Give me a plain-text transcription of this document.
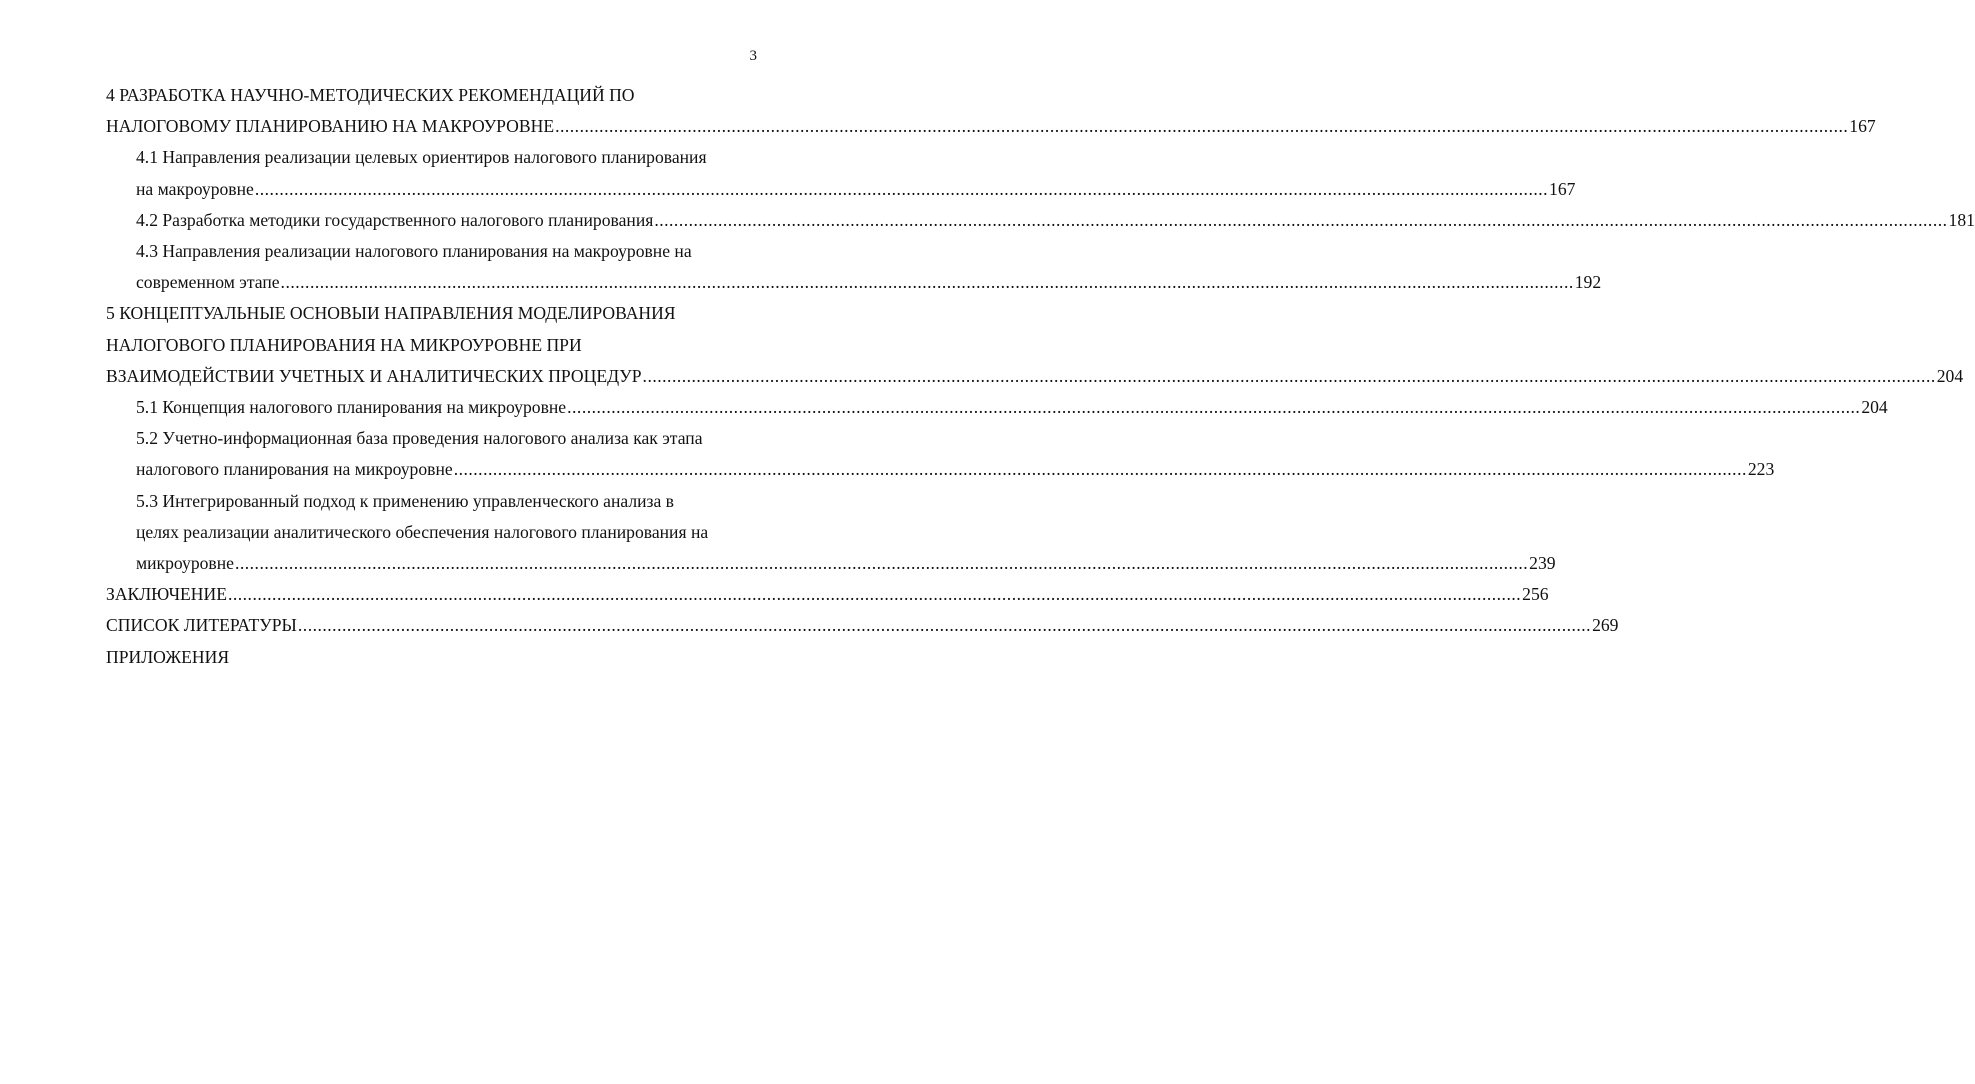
3
4 РАЗРАБОТКА НАУЧНО-МЕТОДИЧЕСКИХ РЕКОМЕНДАЦИЙ ПО
НАЛОГОВОМУ ПЛАНИРОВАНИЮ НА МАКРОУРОВНЕ .....	167
4.1 Направления реализации целевых ориентиров налогового планирования
на макроуровне .....	167
4.2 Разработка методики государственного налогового планирования .....	181
4.3 Направления реализации налогового планирования на макроуровне на
современном этапе .....	192
5 КОНЦЕПТУАЛЬНЫЕ ОСНОВЫИ НАПРАВЛЕНИЯ МОДЕЛИРОВАНИЯ
НАЛОГОВОГО ПЛАНИРОВАНИЯ НА МИКРОУРОВНЕ ПРИ
ВЗАИМОДЕЙСТВИИ УЧЕТНЫХ И АНАЛИТИЧЕСКИХ ПРОЦЕДУР .....	204
5.1 Концепция налогового планирования на микроуровне .....	204
5.2 Учетно-информационная база проведения налогового анализа как этапа
налогового планирования на микроуровне .....	223
5.3 Интегрированный подход к применению управленческого анализа в
целях реализации аналитического обеспечения налогового планирования на
микроуровне .....	239
ЗАКЛЮЧЕНИЕ .....	256
СПИСОК ЛИТЕРАТУРЫ .....	269
ПРИЛОЖЕНИЯ
